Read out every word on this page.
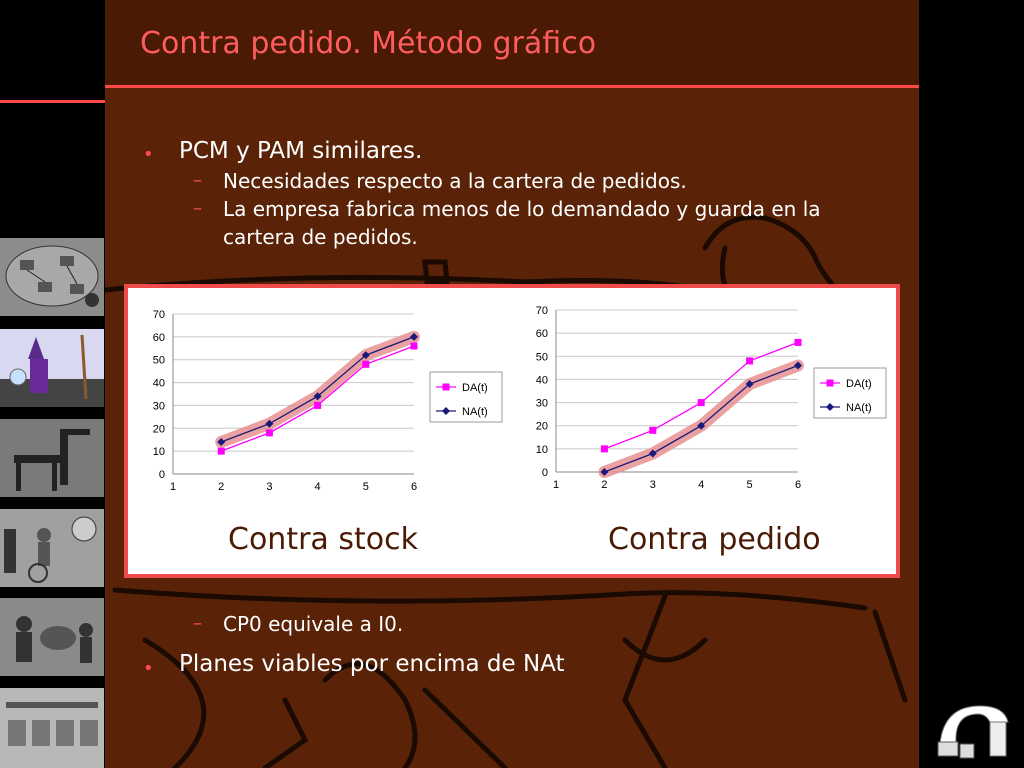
Contra pedido. Método gráfico
• PCM y PAM similares.
– Necesidades respecto a la cartera de pedidos.
– La empresa fabrica menos de lo demandado y guarda en la
cartera de pedidos.
– CP0 equivale a I0.
• Planes viables por encima de NAt
0
10
20
30
40
50
60
70
1	2	3	4	5	6
DA(t)
NA(t)
0
10
20
30
40
50
60
70
1	2	3	4	5	6
DA(t)
NA(t)
Contra stock	Contra pedido
